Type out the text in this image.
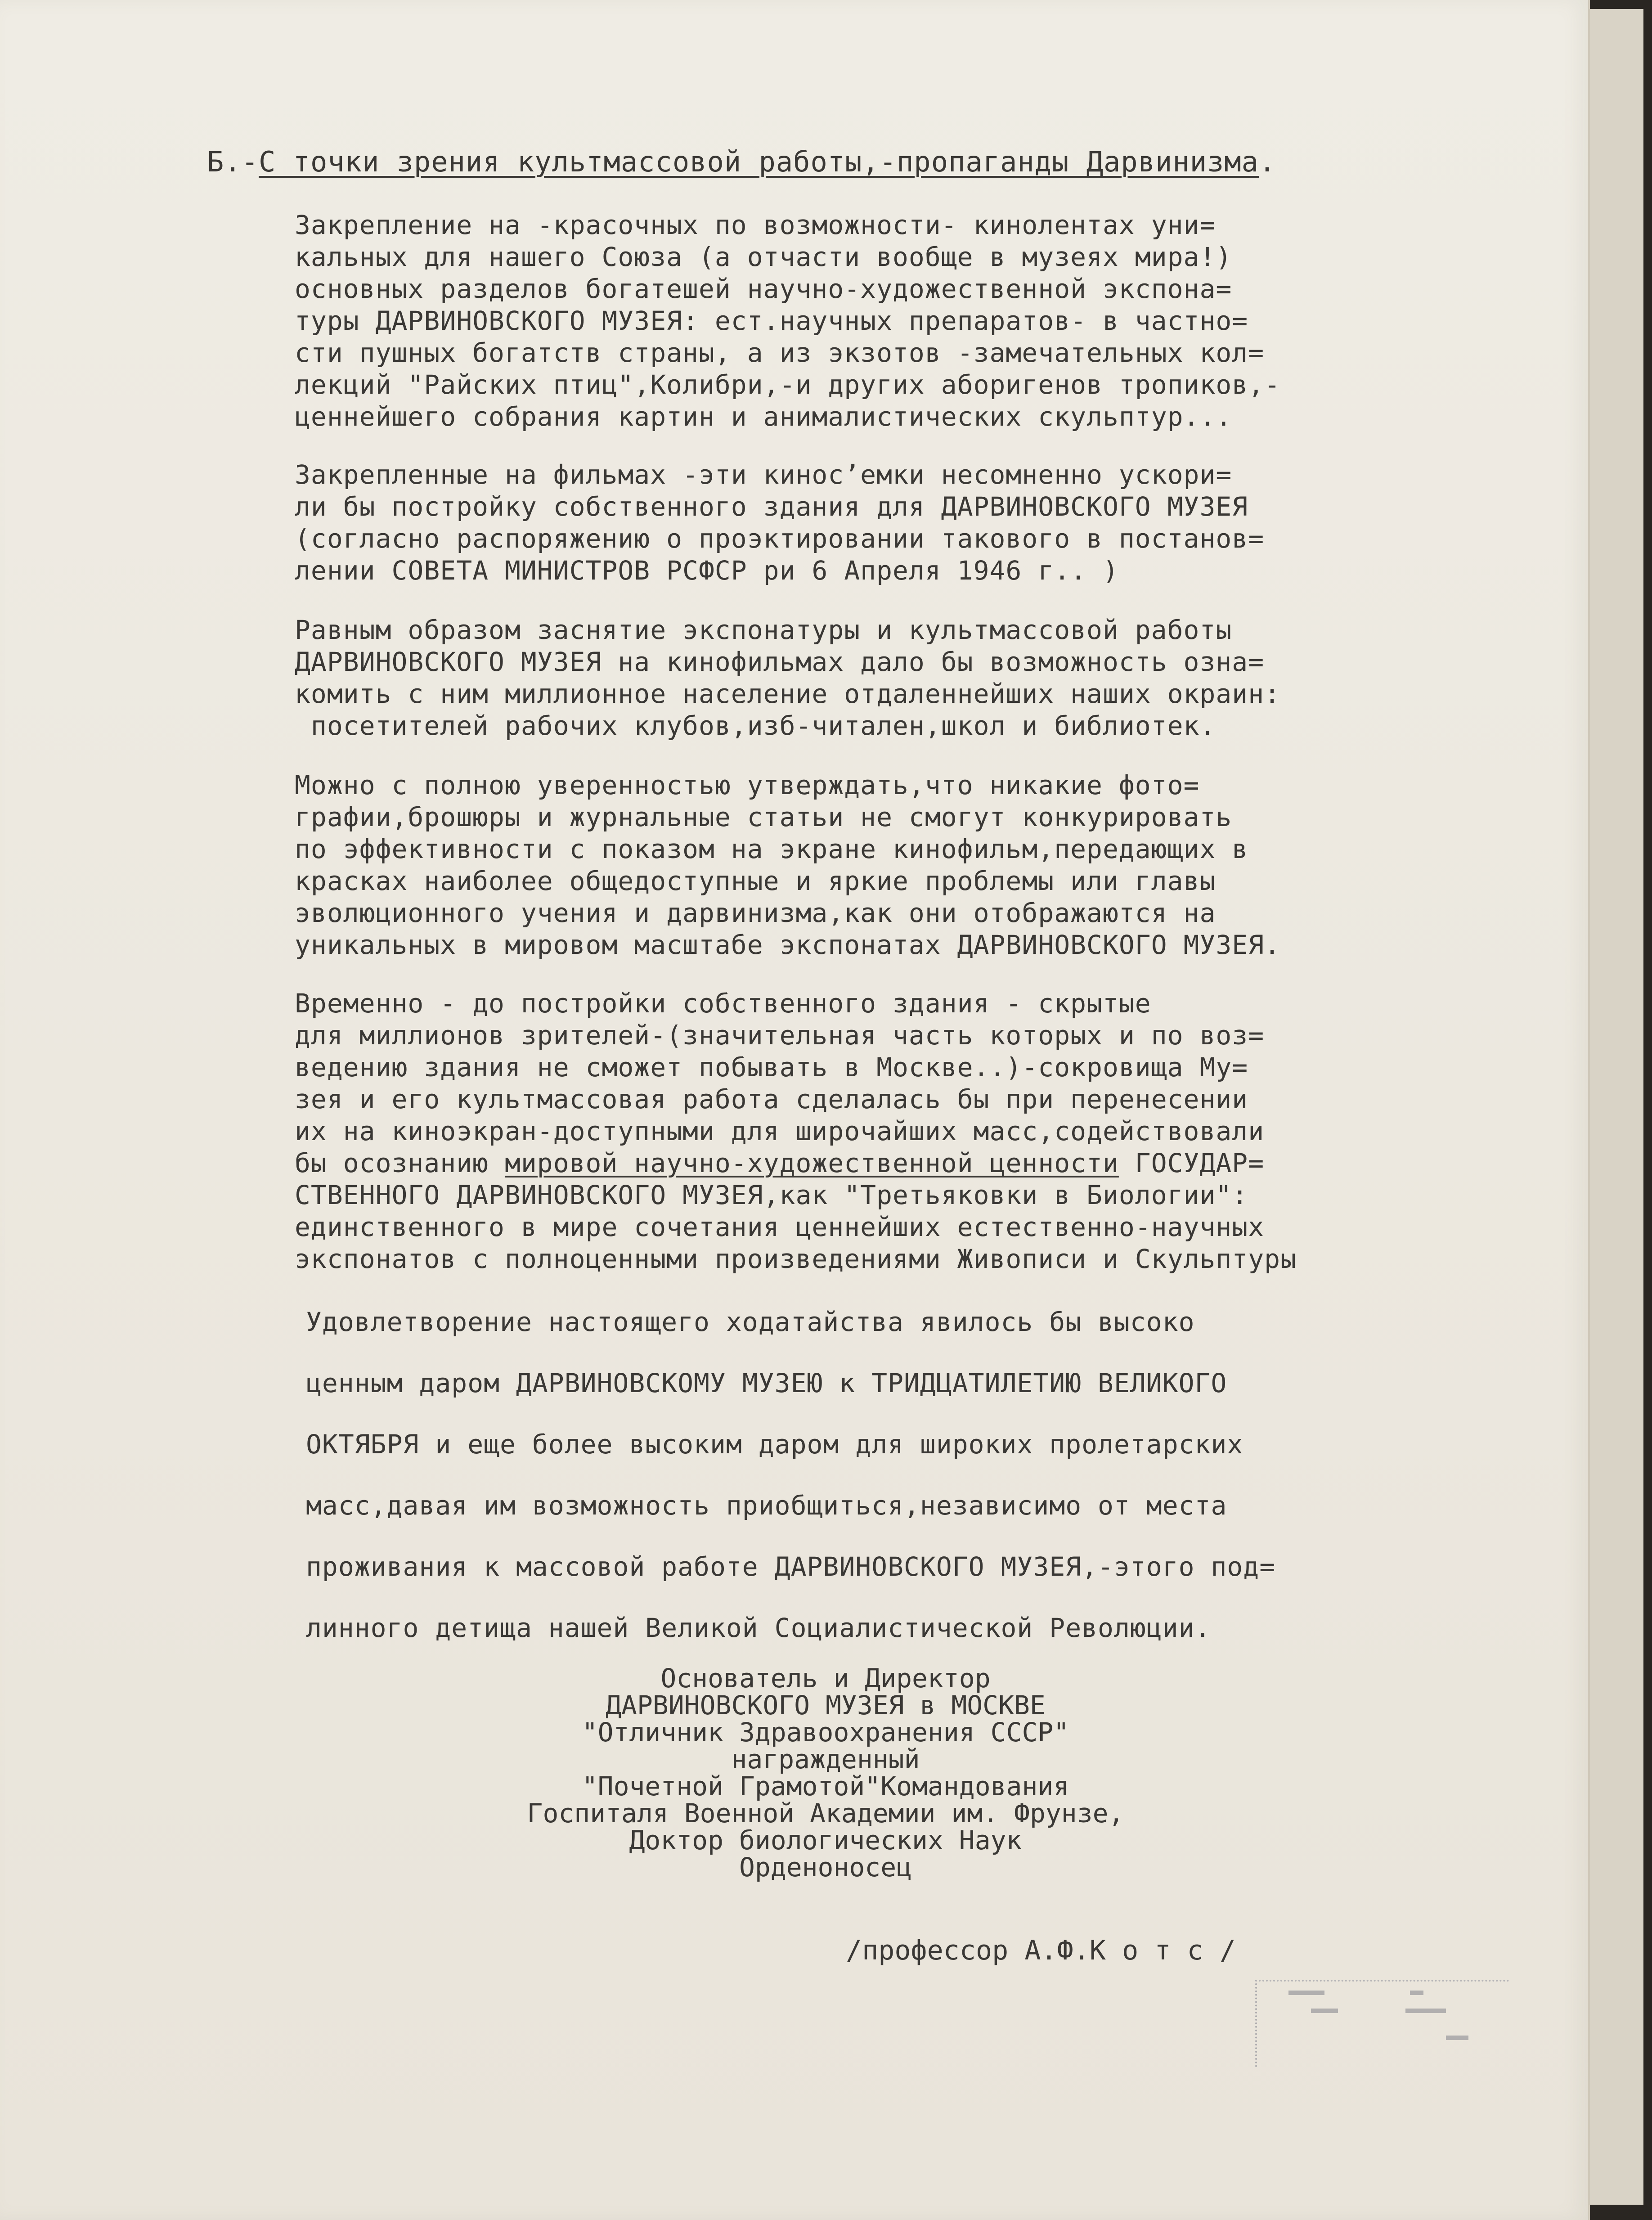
Б.-С точки зрения культмассовой работы,-пропаганды Дарвинизма.
Закрепление на -красочных по возможности- кинолентах уни=
кальных для нашего Союза (а отчасти вообще в музеях мира!)
основных разделов богатешей научно-художественной экспона=
туры ДАРВИНОВСКОГО МУЗЕЯ: ест.научных препаратов- в частно=
сти пушных богатств страны, а из экзотов -замечательных кол=
лекций "Райских птиц",Колибри,-и других аборигенов тропиков,-
ценнейшего собрания картин и анималистических скульптур...
Закрепленные на фильмах -эти киносʼемки несомненно ускори=
ли бы постройку собственного здания для ДАРВИНОВСКОГО МУЗЕЯ
(согласно распоряжению о проэктировании такового в постанов=
лении СОВЕТА МИНИСТРОВ РСФСР ри 6 Апреля 1946 г.. )
Равным образом заснятие экспонатуры и культмассовой работы
ДАРВИНОВСКОГО МУЗЕЯ на кинофильмах дало бы возможность озна=
комить с ним миллионное население отдаленнейших наших окраин:
посетителей рабочих клубов,изб-читален,школ и библиотек.
Можно с полною уверенностью утверждать,что никакие фото=
графии,брошюры и журнальные статьи не смогут конкурировать
по эффективности с показом на экране кинофильм,передающих в
красках наиболее общедоступные и яркие проблемы или главы
эволюционного учения и дарвинизма,как они отображаются на
уникальных в мировом масштабе экспонатах ДАРВИНОВСКОГО МУЗЕЯ.
Временно - до постройки собственного здания - скрытые
для миллионов зрителей-(значительная часть которых и по воз=
ведению здания не сможет побывать в Москве..)-сокровища Му=
зея и его культмассовая работа сделалась бы при перенесении
их на киноэкран-доступными для широчайших масс,содействовали
бы осознанию мировой научно-художественной ценности ГОСУДАР=
СТВЕННОГО ДАРВИНОВСКОГО МУЗЕЯ,как "Третьяковки в Биологии":
единственного в мире сочетания ценнейших естественно-научных
экспонатов с полноценными произведениями Живописи и Скульптуры
Удовлетворение настоящего ходатайства явилось бы высоко
ценным даром ДАРВИНОВСКОМУ МУЗЕЮ к ТРИДЦАТИЛЕТИЮ ВЕЛИКОГО
ОКТЯБРЯ и еще более высоким даром для широких пролетарских
масс,давая им возможность приобщиться,независимо от места
проживания к массовой работе ДАРВИНОВСКОГО МУЗЕЯ,-этого под=
линного детища нашей Великой Социалистической Революции.
Основатель и Директор
ДАРВИНОВСКОГО МУЗЕЯ в МОСКВЕ
"Отличник Здравоохранения СССР"
награжденный
"Почетной Грамотой"Командования
Госпиталя Военной Академии им. Фрунзе,
Доктор биологических Наук
Орденоносец
/профессор А.Ф.К о т с /
